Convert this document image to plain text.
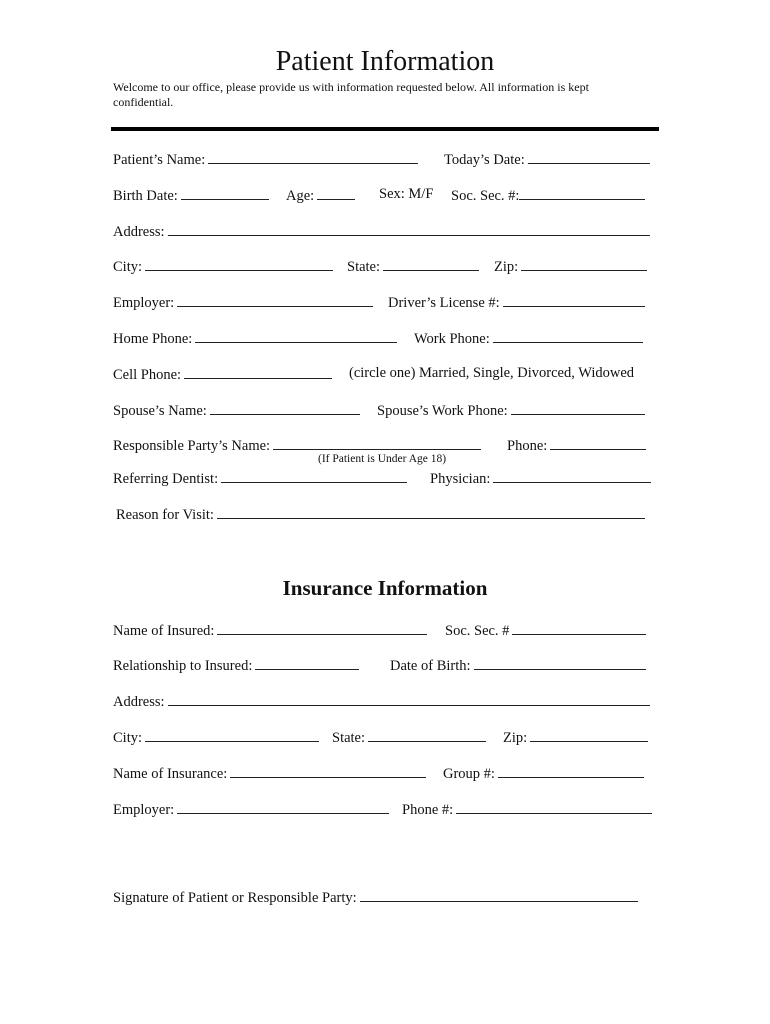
Patient Information
Welcome to our office, please provide us with information requested below. All information is kept confidential.
Patient’s Name:	Today’s Date:
Birth Date:	Age:	Sex: M/F Soc. Sec. #:
Address:
City:	State:	Zip:
Employer:	Driver’s License #:
Home Phone:	Work Phone:
Cell Phone:	(circle one) Married, Single, Divorced, Widowed
Spouse’s Name:	Spouse’s Work Phone:
Responsible Party’s Name:	Phone:
(If Patient is Under Age 18)
Referring Dentist:	Physician:
Reason for Visit:
Insurance Information
Name of Insured:	Soc. Sec. #
Relationship to Insured:	Date of Birth:
Address:
City:	State:	Zip:
Name of Insurance:	Group #:
Employer:	Phone #:
Signature of Patient or Responsible Party:
